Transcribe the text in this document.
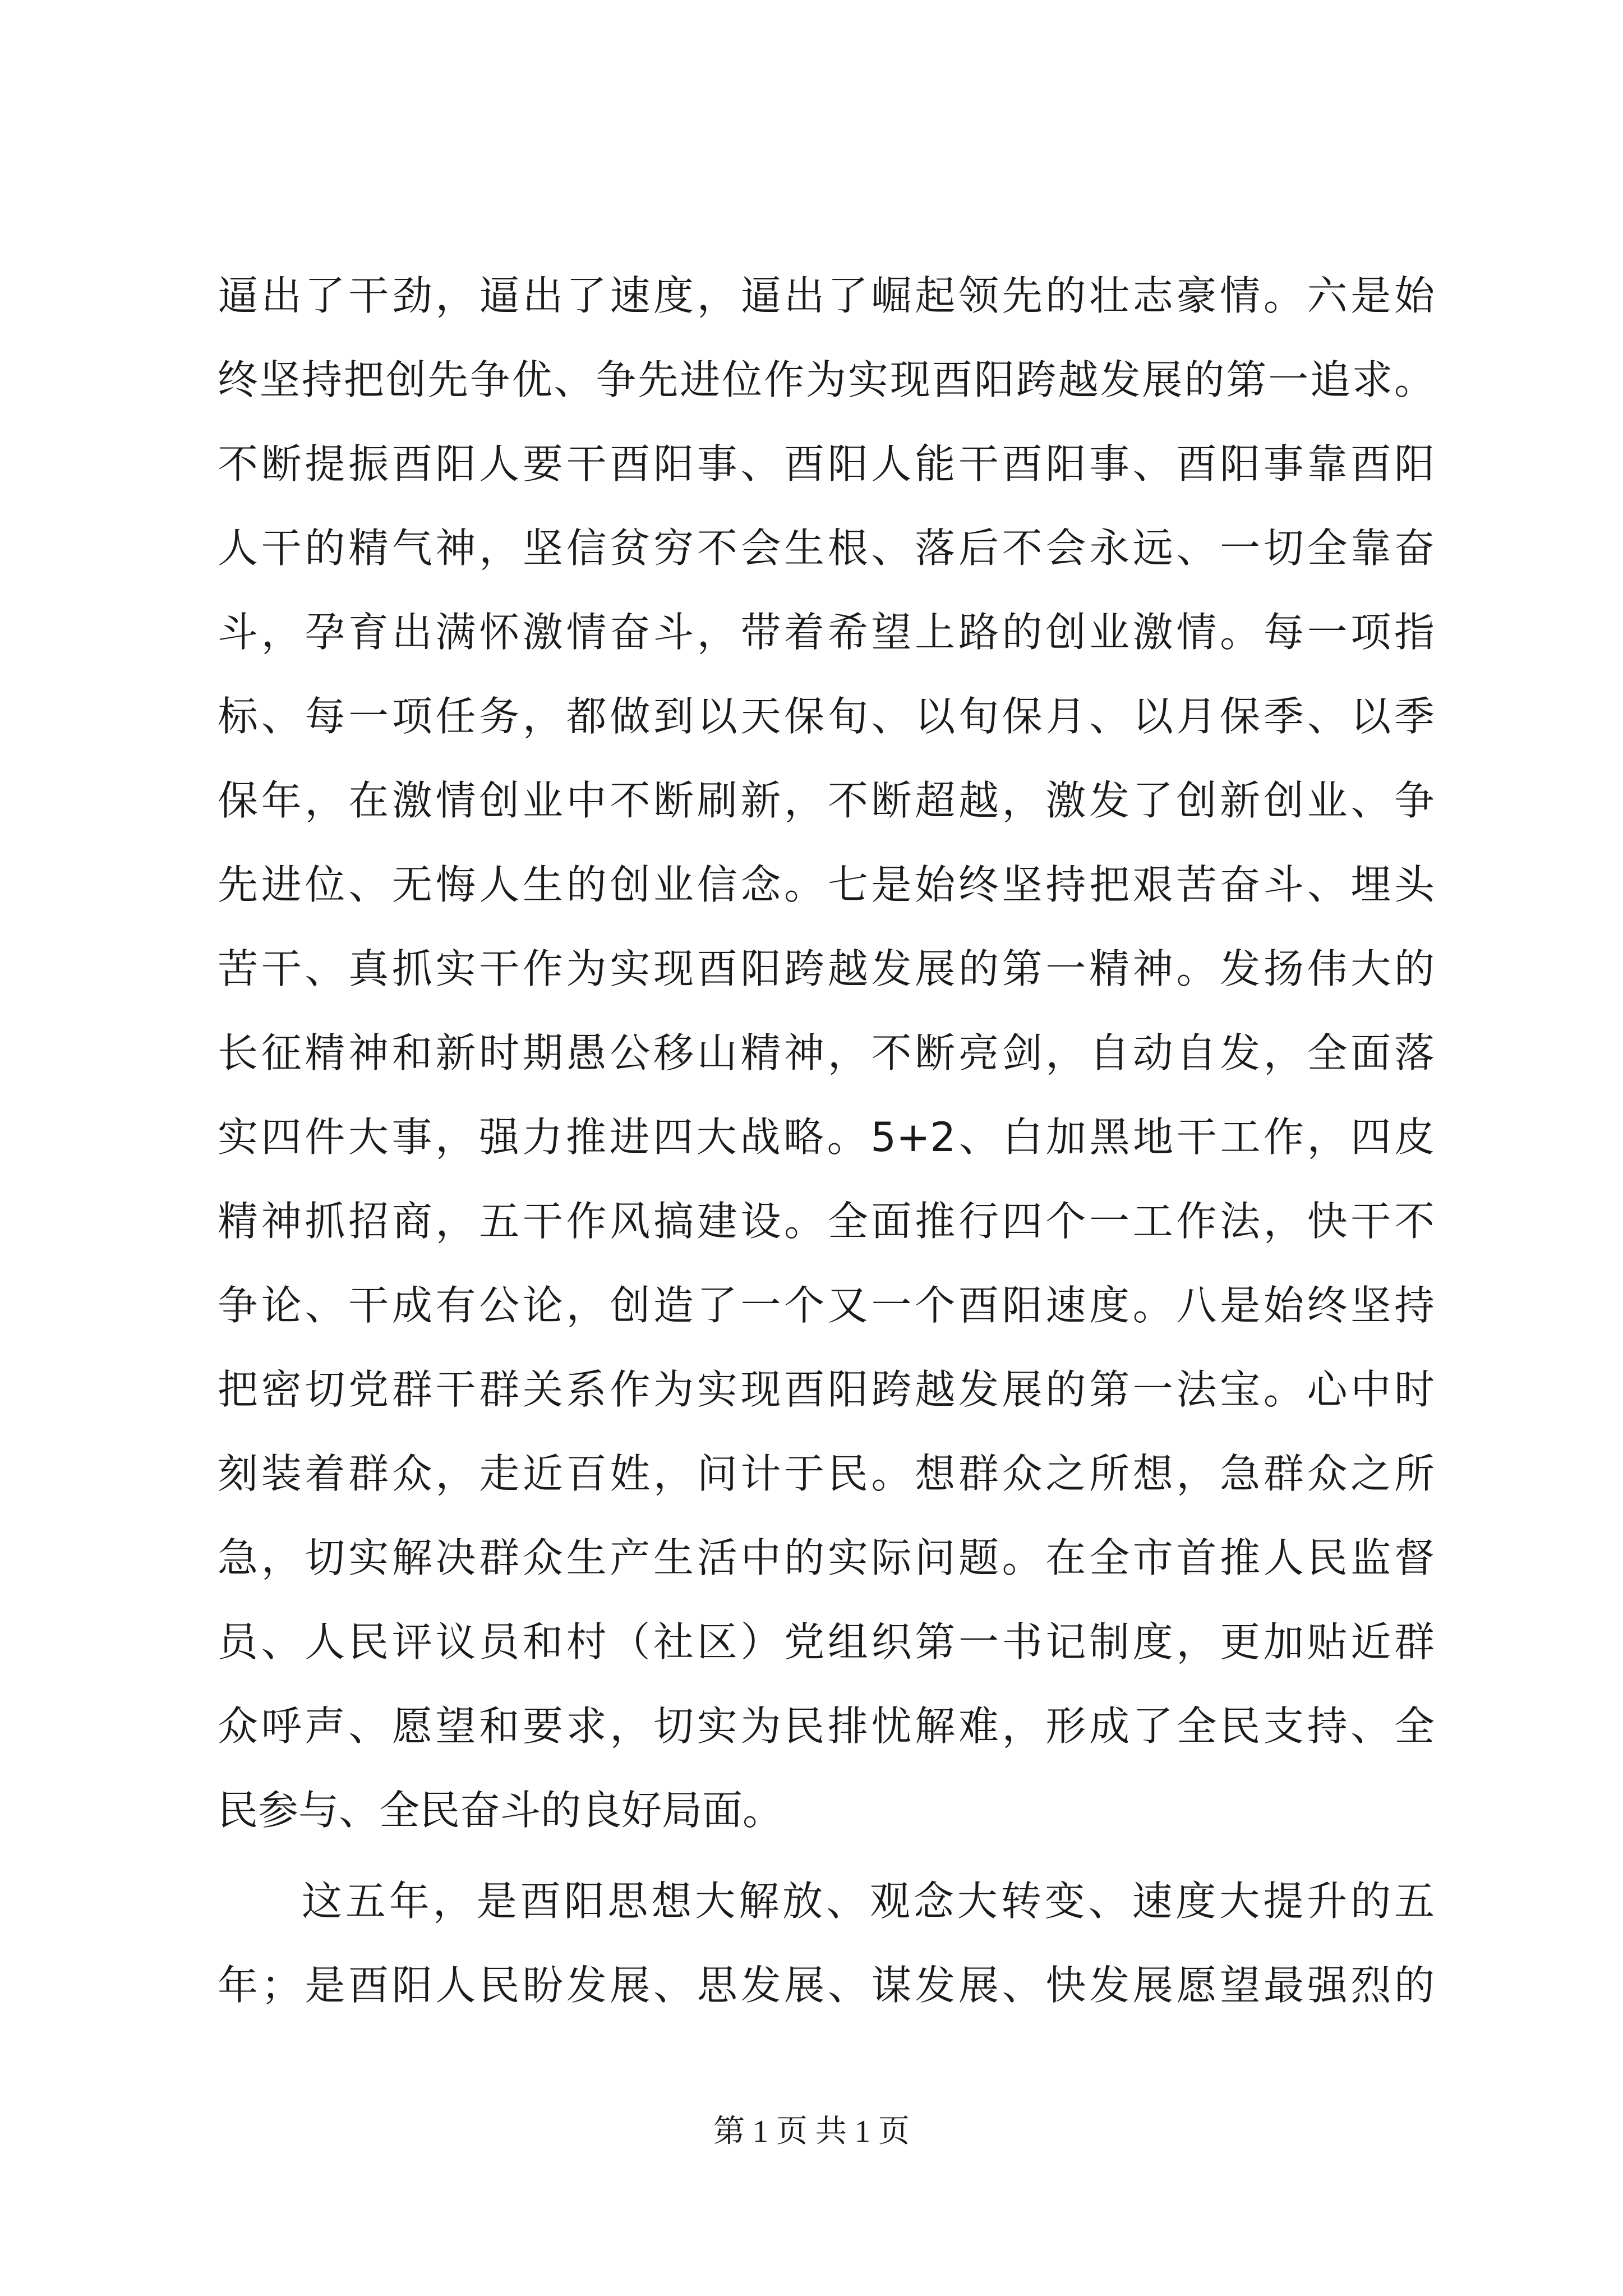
逼出了干劲，逼出了速度，逼出了崛起领先的壮志豪情。六是始
终坚持把创先争优、争先进位作为实现酉阳跨越发展的第一追求。
不断提振酉阳人要干酉阳事、酉阳人能干酉阳事、酉阳事靠酉阳
人干的精气神，坚信贫穷不会生根、落后不会永远、一切全靠奋
斗，孕育出满怀激情奋斗，带着希望上路的创业激情。每一项指
标、每一项任务，都做到以天保旬、以旬保月、以月保季、以季
保年，在激情创业中不断刷新，不断超越，激发了创新创业、争
先进位、无悔人生的创业信念。七是始终坚持把艰苦奋斗、埋头
苦干、真抓实干作为实现酉阳跨越发展的第一精神。发扬伟大的
长征精神和新时期愚公移山精神，不断亮剑，自动自发，全面落
实四件大事，强力推进四大战略。5+2、白加黑地干工作，四皮
精神抓招商，五干作风搞建设。全面推行四个一工作法，快干不
争论、干成有公论，创造了一个又一个酉阳速度。八是始终坚持
把密切党群干群关系作为实现酉阳跨越发展的第一法宝。心中时
刻装着群众，走近百姓，问计于民。想群众之所想，急群众之所
急，切实解决群众生产生活中的实际问题。在全市首推人民监督
员、人民评议员和村（社区）党组织第一书记制度，更加贴近群
众呼声、愿望和要求，切实为民排忧解难，形成了全民支持、全
民参与、全民奋斗的良好局面。
这五年，是酉阳思想大解放、观念大转变、速度大提升的五
年；是酉阳人民盼发展、思发展、谋发展、快发展愿望最强烈的
第 1 页 共 1 页
